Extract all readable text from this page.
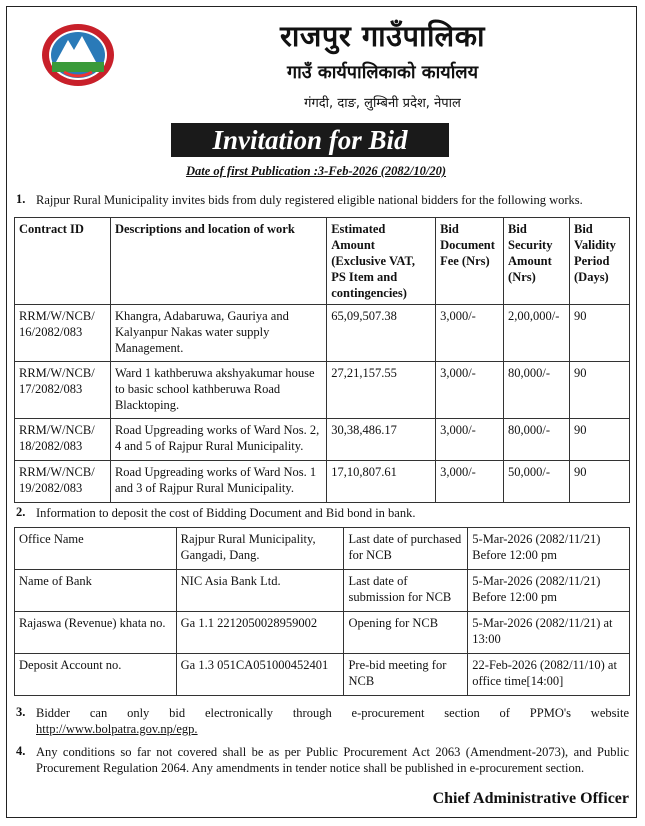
राजपुर गाउँपालिका
गाउँ कार्यपालिकाको कार्यालय
गंगदी, दाङ, लुम्बिनी प्रदेश, नेपाल
Invitation for Bid
Date of first Publication :3-Feb-2026 (2082/10/20)
1. Rajpur Rural Municipality invites bids from duly registered eligible national bidders for the following works.
Contract ID	Descriptions and location of work	Estimated Amount (Exclusive VAT, PS Item and contingencies)	Bid Document Fee (Nrs)	Bid Security Amount (Nrs)	Bid Validity Period (Days)
RRM/W/NCB/ 16/2082/083	Khangra, Adabaruwa, Gauriya and Kalyanpur Nakas water supply Management.	65,09,507.38	3,000/-	2,00,000/-	90
RRM/W/NCB/ 17/2082/083	Ward 1 kathberuwa akshyakumar house to basic school kathberuwa Road Blacktoping.	27,21,157.55	3,000/-	80,000/-	90
RRM/W/NCB/ 18/2082/083	Road Upgreading works of Ward Nos. 2, 4 and 5 of Rajpur Rural Municipality.	30,38,486.17	3,000/-	80,000/-	90
RRM/W/NCB/ 19/2082/083	Road Upgreading works of Ward Nos. 1 and 3 of Rajpur Rural Municipality.	17,10,807.61	3,000/-	50,000/-	90
2. Information to deposit the cost of Bidding Document and Bid bond in bank.
Office Name	Rajpur Rural Municipality, Gangadi, Dang.	Last date of purchased for NCB	5-Mar-2026 (2082/11/21) Before 12:00 pm
Name of Bank	NIC Asia Bank Ltd.	Last date of submission for NCB	5-Mar-2026 (2082/11/21) Before 12:00 pm
Rajaswa (Revenue) khata no.	Ga 1.1 2212050028959002	Opening for NCB	5-Mar-2026 (2082/11/21) at 13:00
Deposit Account no.	Ga 1.3 051CA051000452401	Pre-bid meeting for NCB	22-Feb-2026 (2082/11/10) at office time[14:00]
3. Bidder can only bid electronically through e-procurement section of PPMO's website
http://www.bolpatra.gov.np/egp.
4. Any conditions so far not covered shall be as per Public Procurement Act 2063 (Amendment-2073), and Public Procurement Regulation 2064. Any amendments in tender notice shall be published in e-procurement section.
Chief Administrative Officer
